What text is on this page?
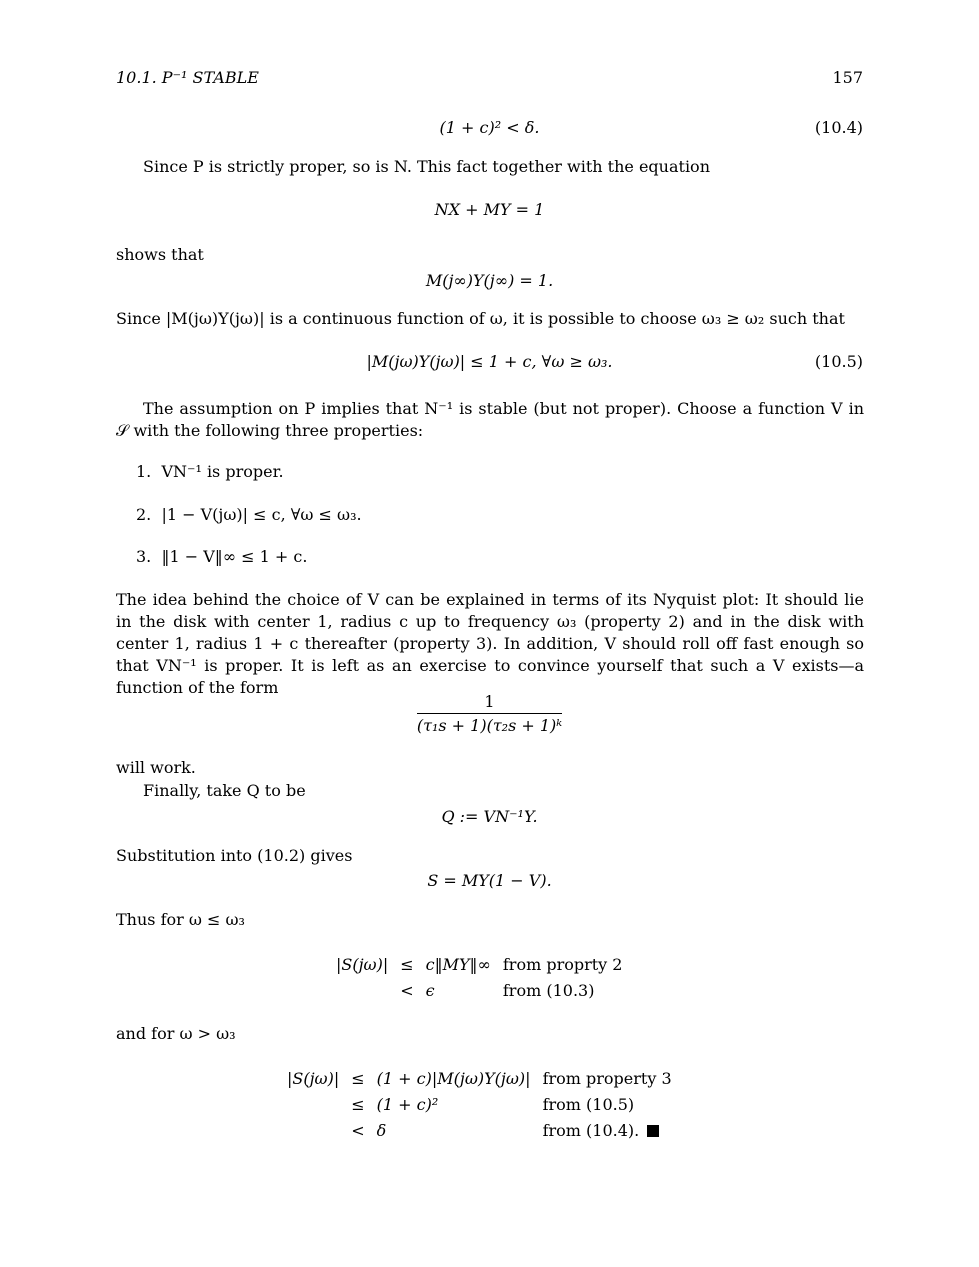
10.1. P⁻¹ STABLE	157
(1 + c)² < δ.	(10.4)
Since P is strictly proper, so is N. This fact together with the equation
NX + MY = 1
shows that
M(j∞)Y(j∞) = 1.
Since |M(jω)Y(jω)| is a continuous function of ω, it is possible to choose ω₃ ≥ ω₂ such that
|M(jω)Y(jω)| ≤ 1 + c, ∀ω ≥ ω₃.	(10.5)
The assumption on P implies that N⁻¹ is stable (but not proper). Choose a function V in 𝒮 with the following three properties:
1. VN⁻¹ is proper.
2. |1 − V(jω)| ≤ c, ∀ω ≤ ω₃.
3. ‖1 − V‖∞ ≤ 1 + c.
The idea behind the choice of V can be explained in terms of its Nyquist plot: It should lie in the disk with center 1, radius c up to frequency ω₃ (property 2) and in the disk with center 1, radius 1 + c thereafter (property 3). In addition, V should roll off fast enough so that VN⁻¹ is proper. It is left as an exercise to convince yourself that such a V exists—a function of the form
$\frac{1}{\text{(τ₁s + 1)(τ₂s + 1)ᵏ}}$
will work.
Finally, take Q to be
Q := VN⁻¹Y.
Substitution into (10.2) gives
S = MY(1 − V).
Thus for ω ≤ ω₃
|S(jω)|	≤	c‖MY‖∞	from proprty 2
	<	ϵ	from (10.3)
and for ω > ω₃
|S(jω)|	≤	(1 + c)|M(jω)Y(jω)|	from property 3
	≤	(1 + c)²	from (10.5)
	<	δ	from (10.4).
